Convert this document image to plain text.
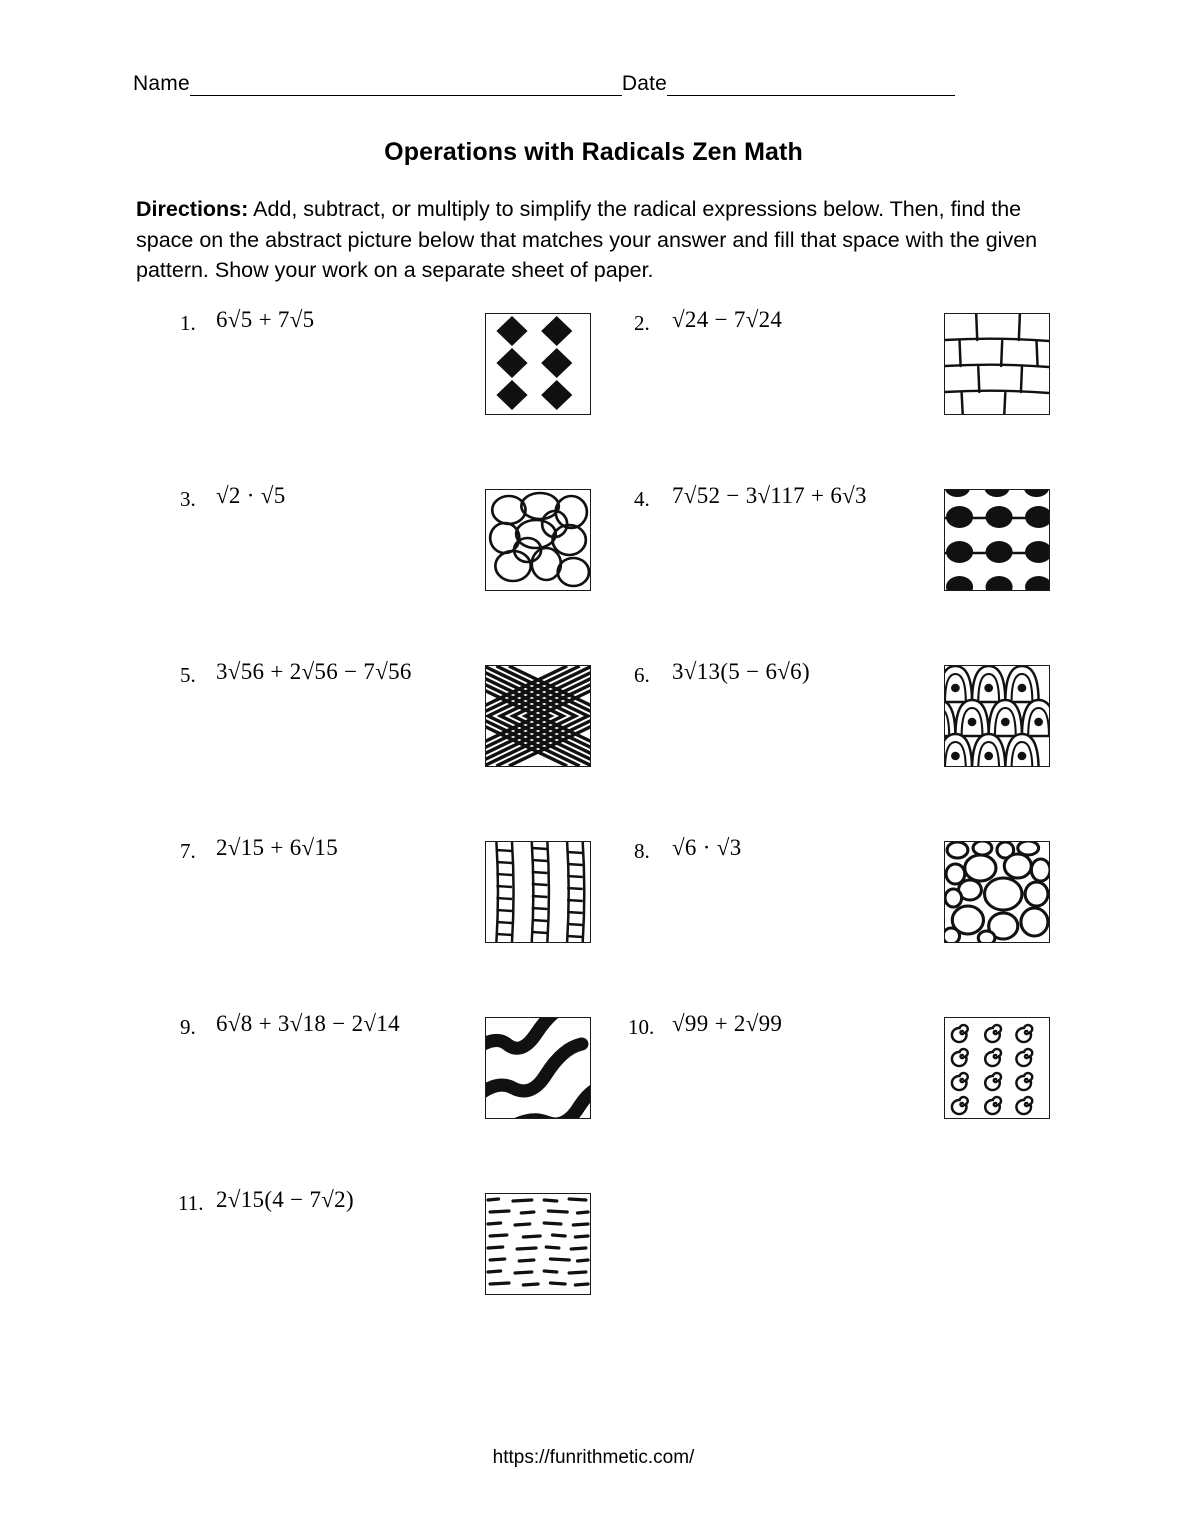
Name	Date
Operations with Radicals Zen Math
Directions: Add, subtract, or multiply to simplify the radical expressions below. Then, find the space on the abstract picture below that matches your answer and fill that space with the given pattern. Show your work on a separate sheet of paper.
1. 6√5 + 7√5	2. √24 − 7√24
3. √2 · √5	4. 7√52 − 3√117 + 6√3
5. 3√56 + 2√56 − 7√56	6. 3√13(5 − 6√6)
7. 2√15 + 6√15	8. √6 · √3
9. 6√8 + 3√18 − 2√14	10. √99 + 2√99
11. 2√15(4 − 7√2)
https://funrithmetic.com/
